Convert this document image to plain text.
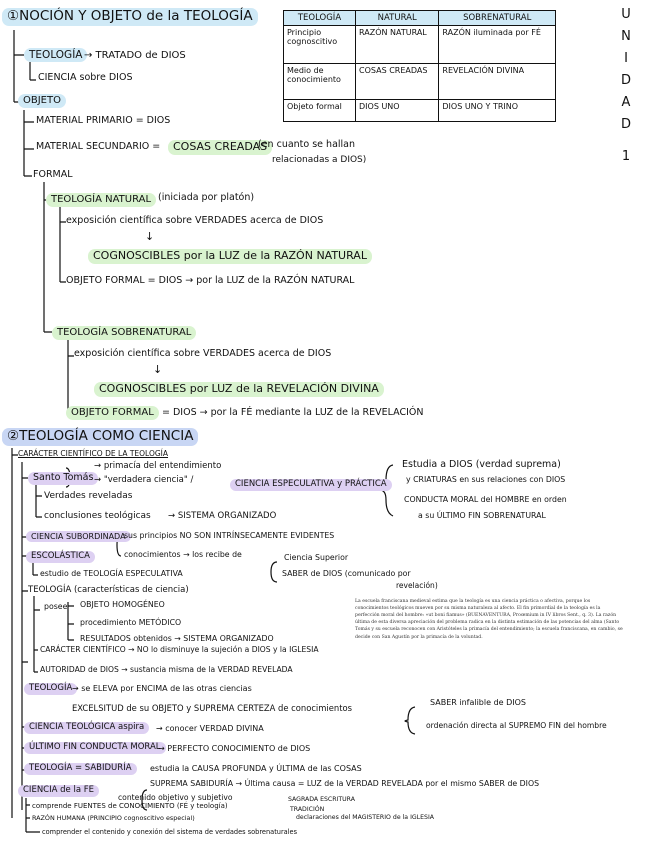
U
N
I
D
A
D
1
TEOLOGÍA	NATURAL	SOBRENATURAL
Principio cognoscitivo	RAZÓN NATURAL	RAZÓN iluminada por FÉ
Medio de conocimiento	COSAS CREADAS	REVELACIÓN DIVINA
Objeto formal	DIOS UNO	DIOS UNO Y TRINO
①NOCIÓN Y OBJETO de la TEOLOGÍA
TEOLOGÍA → TRATADO de DIOS
CIENCIA sobre DIOS
OBJETO
MATERIAL PRIMARIO = DIOS
MATERIAL SECUNDARIO =	COSAS CREADAS
(en cuanto se hallan
relacionadas a DIOS)
FORMAL
TEOLOGÍA NATURAL (iniciada por platón)
exposición científica sobre VERDADES acerca de DIOS
↓
COGNOSCIBLES por la LUZ de la RAZÓN NATURAL
OBJETO FORMAL = DIOS → por la LUZ de la RAZÓN NATURAL
TEOLOGÍA SOBRENATURAL
exposición científica sobre VERDADES acerca de DIOS
↓
COGNOSCIBLES por LUZ de la REVELACIÓN DIVINA
OBJETO FORMAL = DIOS → por la FÉ mediante la LUZ de la REVELACIÓN
②TEOLOGÍA COMO CIENCIA
CARÁCTER CIENTÍFICO DE LA TEOLOGÍA
Santo Tomás
→ primacía del entendimiento
→ "verdadera ciencia" /	CIENCIA ESPECULATIVA y PRÁCTICA
Estudia a DIOS (verdad suprema)
y CRIATURAS en sus relaciones con DIOS
CONDUCTA MORAL del HOMBRE en orden
a su ÚLTIMO FIN SOBRENATURAL
Verdades reveladas
conclusiones teológicas → SISTEMA ORGANIZADO
CIENCIA SUBORDINADA
sus principios NO SON INTRÍNSECAMENTE EVIDENTES
conocimientos → los recibe de	Ciencia Superior
SABER de DIOS (comunicado por
revelación)
ESCOLÁSTICA
estudio de TEOLOGÍA ESPECULATIVA
TEOLOGÍA (características de ciencia)
posee OBJETO HOMOGÉNEO
procedimiento METÓDICO
RESULTADOS obtenidos → SISTEMA ORGANIZADO
CARÁCTER CIENTÍFICO → NO lo disminuye la sujeción a DIOS y la IGLESIA
AUTORIDAD de DIOS → sustancia misma de la VERDAD REVELADA
La escuela franciscana medieval estima que la teología es una ciencia práctica o afectiva, porque los conocimientos teológicos mueven por su misma naturaleza al afecto. El fin primordial de la teología es la perfección moral del hombre: «ut boni fiamus» (BUENAVENTURA, Proœmium in IV libros Sent., q. 3). La razón última de esta diversa apreciación del problema radica en la distinta estimación de las potencias del alma (Santo Tomás y su escuela reconocen con Aristóteles la primacía del entendimiento; la escuela franciscana, en cambio, se decide con San Agustín por la primacía de la voluntad.
TEOLOGÍA → se ELEVA por ENCIMA de las otras ciencias
EXCELSITUD de su OBJETO y SUPREMA CERTEZA de conocimientos
SABER infalible de DIOS
ordenación directa al SUPREMO FIN del hombre
CIENCIA TEOLÓGICA aspira	→ conocer VERDAD DIVINA
ÚLTIMO FIN CONDUCTA MORAL
→ PERFECTO CONOCIMIENTO de DIOS
TEOLOGÍA = SABIDURÍA	estudia la CAUSA PROFUNDA y ÚLTIMA de las COSAS
SUPREMA SABIDURÍA → Última causa = LUZ de la VERDAD REVELADA por el mismo SABER de DIOS
CIENCIA de la FE
contenido objetivo y subjetivo	SAGRADA ESCRITURA
TRADICIÓN
comprende FUENTES de CONOCIMIENTO (FÉ y teología)
declaraciones del MAGISTERIO de la IGLESIA
RAZÓN HUMANA (PRINCIPIO cognoscitivo especial)
comprender el contenido y conexión del sistema de verdades sobrenaturales
